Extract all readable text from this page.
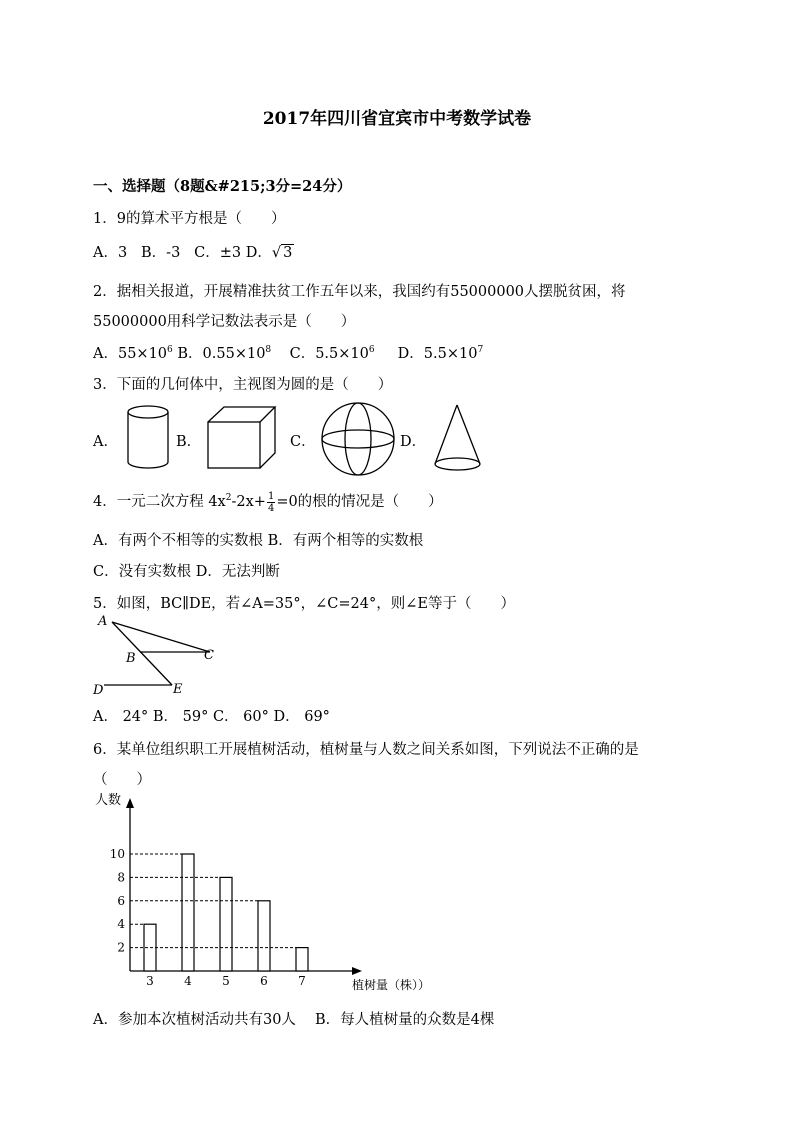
2017年四川省宜宾市中考数学试卷
一、选择题（8题&#215;3分=24分）
1．9的算术平方根是（　　）
A．3 B．-3 C．±3 D．√ 3
2．据相关报道，开展精准扶贫工作五年以来，我国约有55000000人摆脱贫困，将
55000000用科学记数法表示是（　　）
A．$55\times 10^6$ B．$0.55\times 10^8$ C．$5.5\times 10^6$ D．$5.5\times 10^7$
3．下面的几何体中，主视图为圆的是（　　）
A．	B．	C．	D．
4．一元二次方程 $4x^2-2x+ \frac{1}{4} =0$的根的情况是（　　）
A．有两个不相等的实数根 B．有两个相等的实数根
C．没有实数根 D．无法判断
5．如图，BC∥DE，若∠A=35°，∠C=24°，则∠E等于（　　）
A
B	C
D	E
A． 24° B． 59° C． 60° D． 69°
6．某单位组织职工开展植树活动，植树量与人数之间关系如图，下列说法不正确的是
（　　）
2
4
6
8
10
3	4	5	6	7
人数
植树量（株））
A．参加本次植树活动共有30人　 B．每人植树量的众数是4棵
